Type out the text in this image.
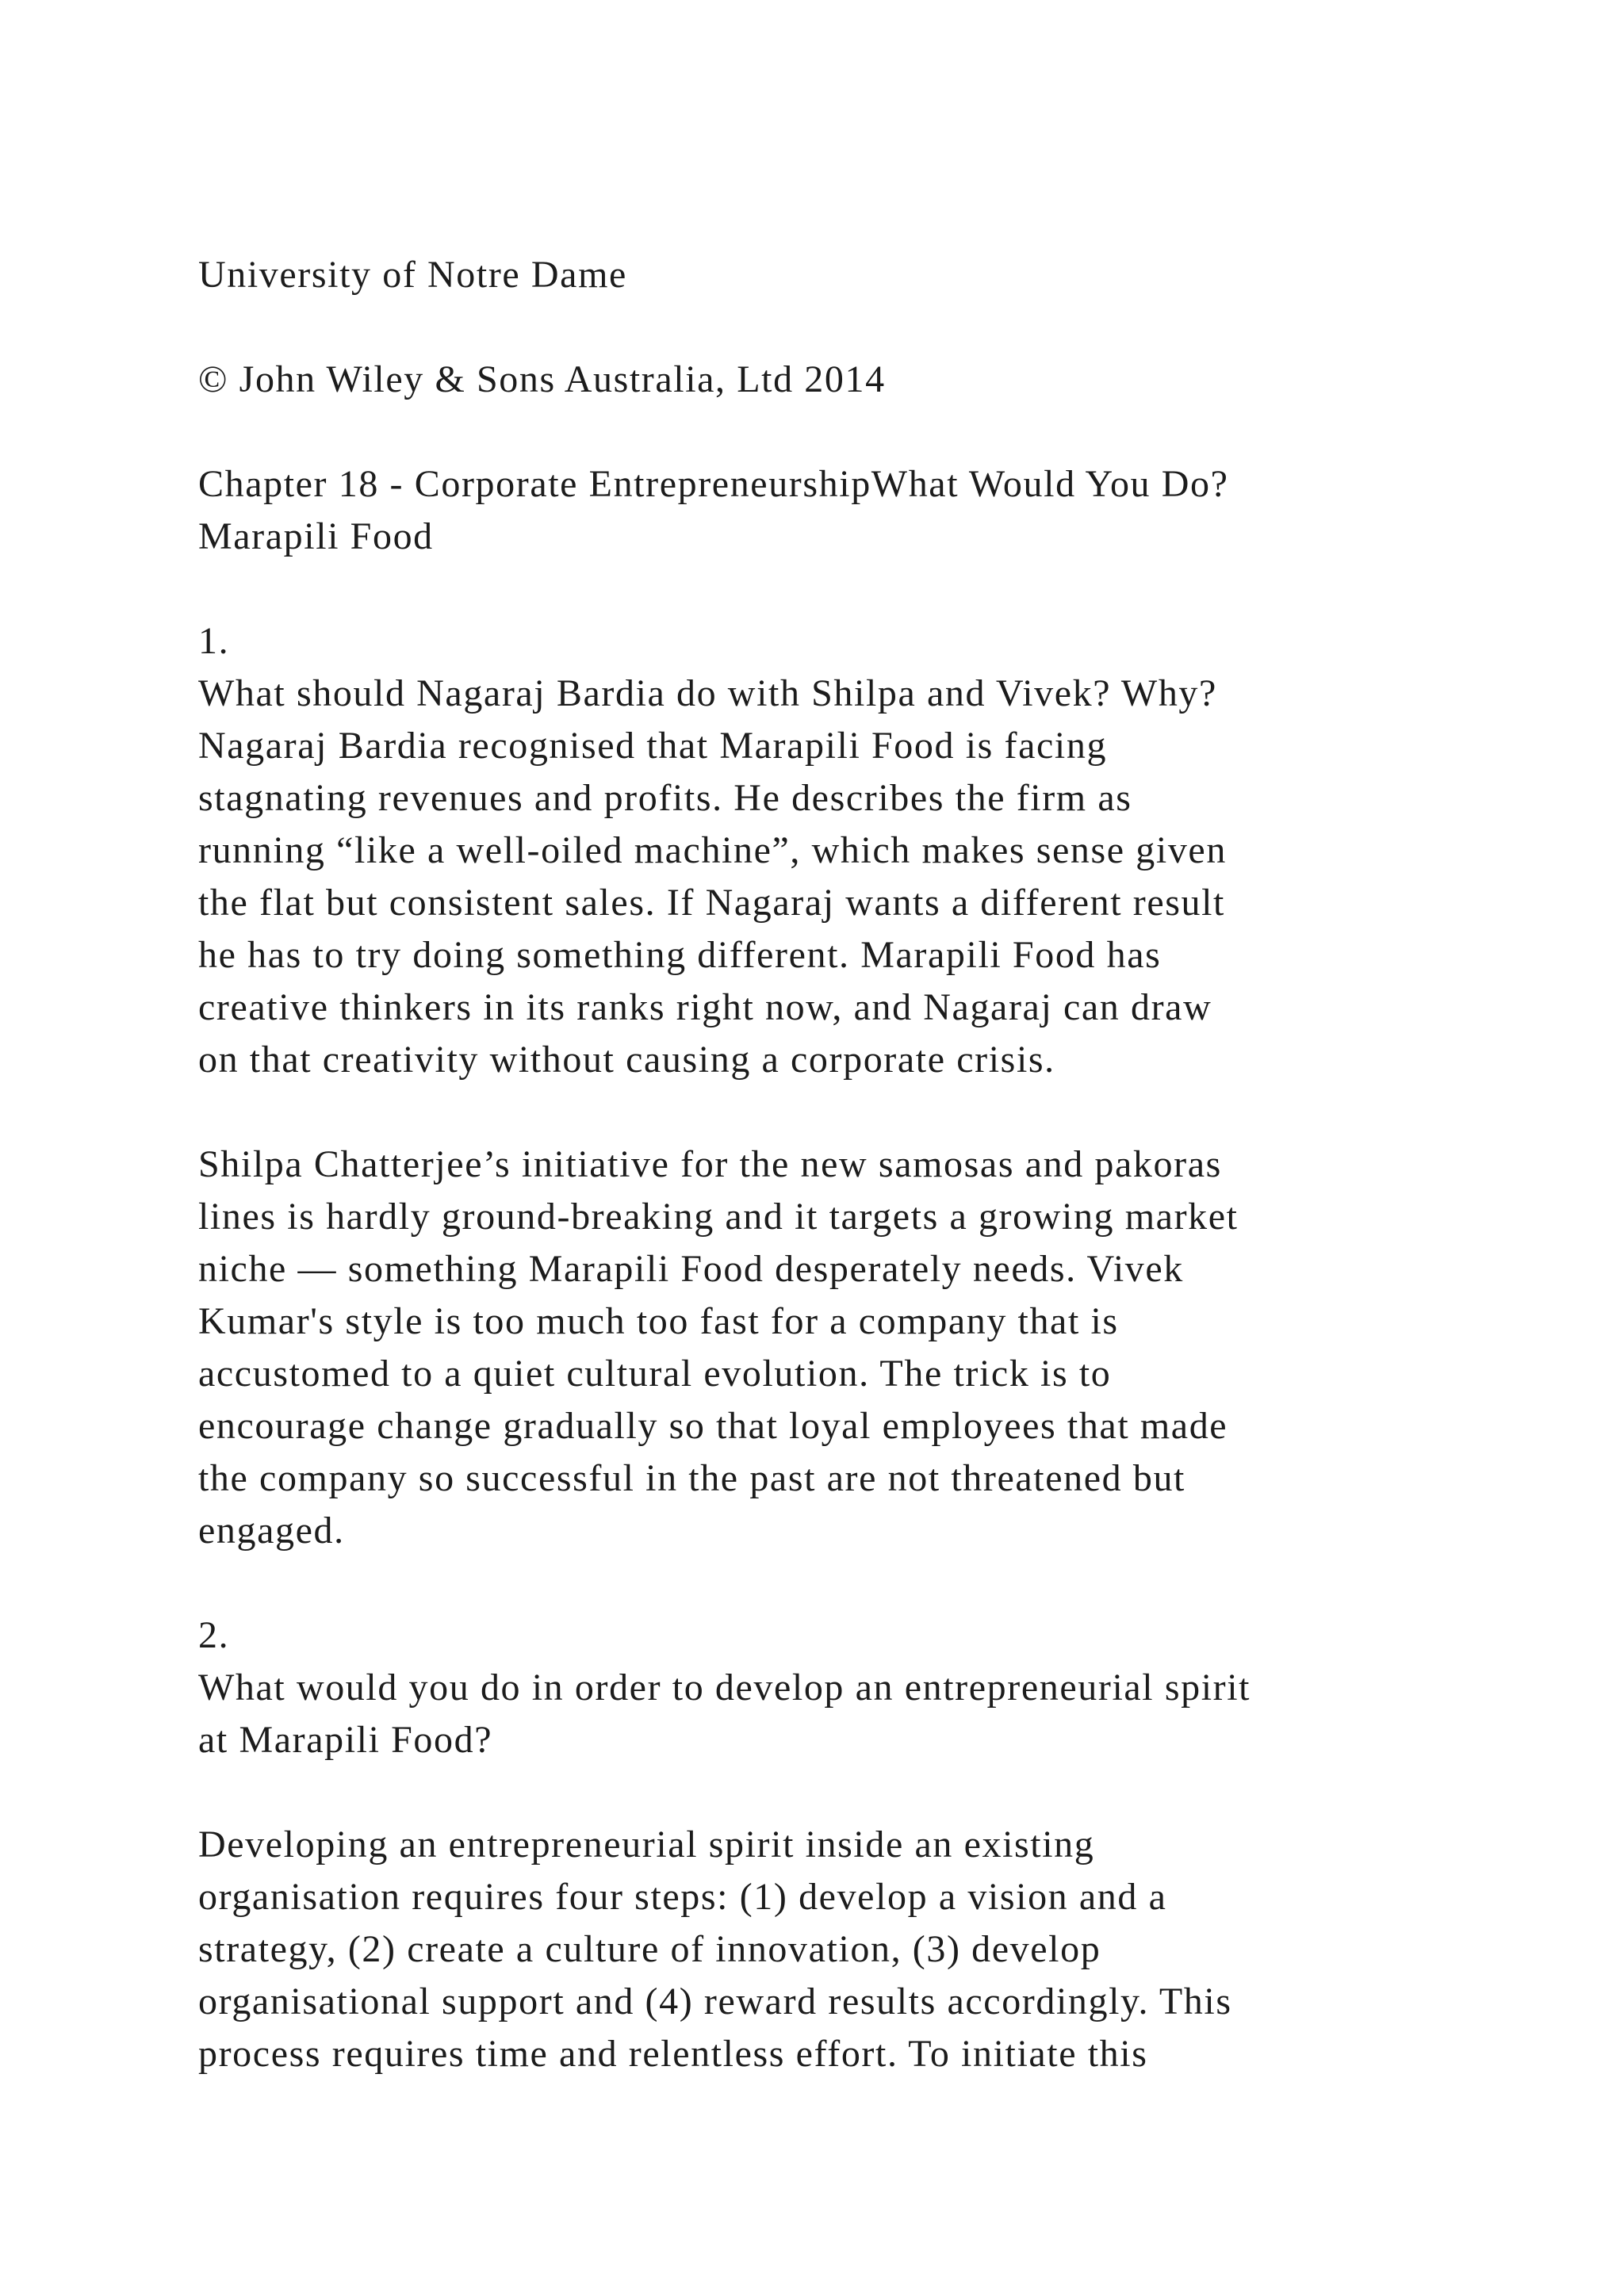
University of Notre Dame
© John Wiley & Sons Australia, Ltd 2014
Chapter 18 - Corporate EntrepreneurshipWhat Would You Do?
Marapili Food
1.
What should Nagaraj Bardia do with Shilpa and Vivek? Why?
Nagaraj Bardia recognised that Marapili Food is facing
stagnating revenues and profits. He describes the firm as
running “like a well-oiled machine”, which makes sense given
the flat but consistent sales. If Nagaraj wants a different result
he has to try doing something different. Marapili Food has
creative thinkers in its ranks right now, and Nagaraj can draw
on that creativity without causing a corporate crisis.
Shilpa Chatterjee’s initiative for the new samosas and pakoras
lines is hardly ground-breaking and it targets a growing market
niche — something Marapili Food desperately needs. Vivek
Kumar's style is too much too fast for a company that is
accustomed to a quiet cultural evolution. The trick is to
encourage change gradually so that loyal employees that made
the company so successful in the past are not threatened but
engaged.
2.
What would you do in order to develop an entrepreneurial spirit
at Marapili Food?
Developing an entrepreneurial spirit inside an existing
organisation requires four steps: (1) develop a vision and a
strategy, (2) create a culture of innovation, (3) develop
organisational support and (4) reward results accordingly. This
process requires time and relentless effort. To initiate this
